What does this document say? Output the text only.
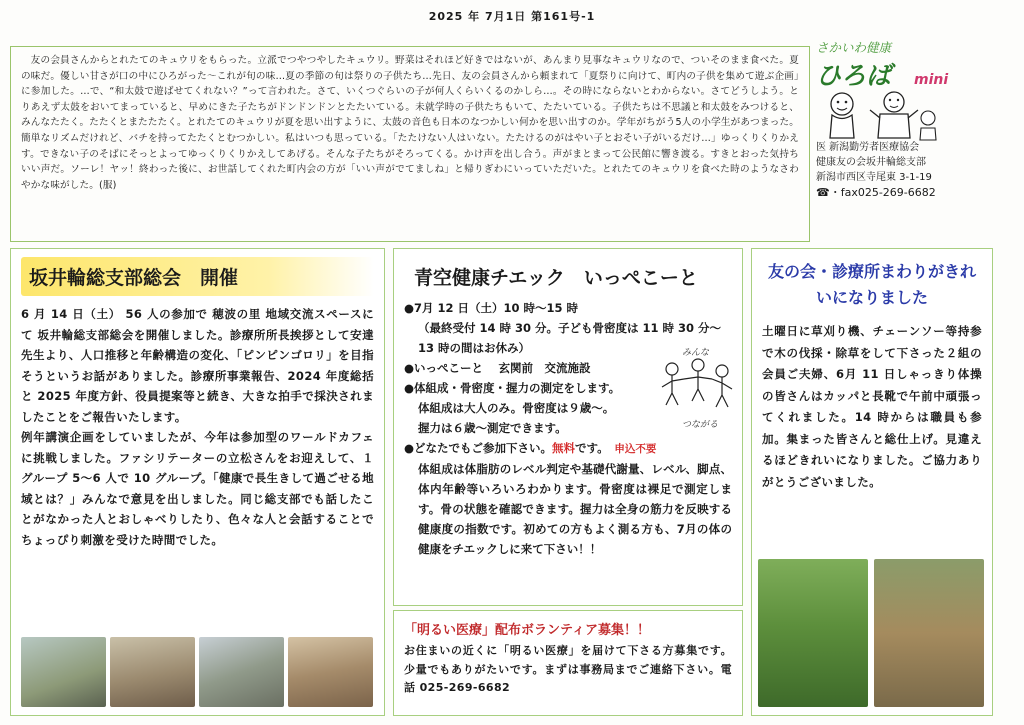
2025 年 7月1日 第161号-1

友の会員さんからとれたてのキュウリをもらった。立派でつやつやしたキュウリ。野菜はそれほど好きではないが、あんまり見事なキュウリなので、ついそのまま食べた。夏の味だ。優しい甘さが口の中にひろがった～これが旬の味…夏の季節の旬は祭りの子供たち…先日、友の会員さんから頼まれて「夏祭りに向けて、町内の子供を集めて遊ぶ企画」に参加した。…で、“和太鼓で遊ばせてくれない？”って言われた。さて、いくつぐらいの子が何人くらいくるのかしら…。その時にならないとわからない。さてどうしよう。とりあえず太鼓をおいてまっていると、早めにきた子たちがドンドンドンとたたいている。未就学時の子供たちもいて、たたいている。子供たちは不思議と和太鼓をみつけると、みんなたたく。たたくとまたたたく。とれたてのキュウリが夏を思い出すように、太鼓の音色も日本のなつかしい何かを思い出すのか。学年がちがう5人の小学生があつまった。簡単なリズムだけれど、バチを持ってたたくとむつかしい。私はいつも思っている。「たたけない人はいない。たたけるのがはやい子とおそい子がいるだけ…」ゆっくりくりかえす。できない子のそばにそっとよってゆっくりくりかえしてあげる。そんな子たちがそろってくる。かけ声を出し合う。声がまとまって公民館に響き渡る。すきとおった気持ちいい声だ。ソーレ！ヤッ！終わった後に、お世話してくれた町内会の方が「いい声がでてましね」と帰りぎわにいっていただいた。とれたてのキュウリを食べた時のようなさわやかな味がした。(服)

さかいわ健康
ひろば mini
医 新潟勤労者医療協会
健康友の会坂井輪総支部
新潟市西区寺尾東 3-1-19
☎・fax025-269-6682
坂井輪総支部総会　開催

6 月 14 日（土） 56 人の参加で 穂波の里 地域交流スペースにて 坂井輪総支部総会を開催しました。診療所所長挨拶として安達先生より、人口推移と年齢構造の変化、「ピンピンゴロリ」を目指そうというお話がありました。診療所事業報告、2024 年度総括と 2025 年度方針、役員提案等と続き、大きな拍手で採決されましたことをご報告いたします。
例年講演企画をしていましたが、今年は参加型のワールドカフェに挑戦しました。ファシリテーターの立松さんをお迎えして、１グループ 5～6 人で 10 グループ。「健康で長生きして過ごせる地域とは？」みんなで意見を出しました。同じ総支部でも話したことがなかった人とおしゃべりしたり、色々な人と会話することでちょっぴり刺激を受けた時間でした。

青空健康チエック　いっぺこーと

●7月 12 日（土）10 時～15 時

（最終受付 14 時 30 分。子ども骨密度は 11 時 30 分～13 時の間はお休み）

●いっぺこーと　 玄関前　交流施設

●体組成・骨密度・握力の測定をします。

体組成は大人のみ。骨密度は９歳～。

握力は６歳～測定できます。

●どなたでもご参加下さい。無料です。　 申込不要

体組成は体脂肪のレベル判定や基礎代謝量、レベル、脚点、体内年齢等いろいろわかります。骨密度は裸足で測定します。骨の状態を確認できます。握力は全身の筋力を反映する健康度の指数です。初めての方もよく測る方も、7月の体の健康をチエックしに来て下さい！！

みんな
つながる

「明るい医療」配布ボランティア募集！！

お住まいの近くに「明るい医療」を届けて下さる方募集です。少量でもありがたいです。まずは事務局までご連絡下さい。電話 025-269-6682

友の会・診療所まわりがきれいになりました

土曜日に草刈り機、チェーンソー等持参で木の伐採・除草をして下さった２組の会員ご夫婦、6月 11 日しゃっきり体操の皆さんはカッパと長靴で午前中頑張ってくれました。14 時からは職員も参加。集まった皆さんと総仕上げ。見違えるほどきれいになりました。ご協力ありがとうございました。
